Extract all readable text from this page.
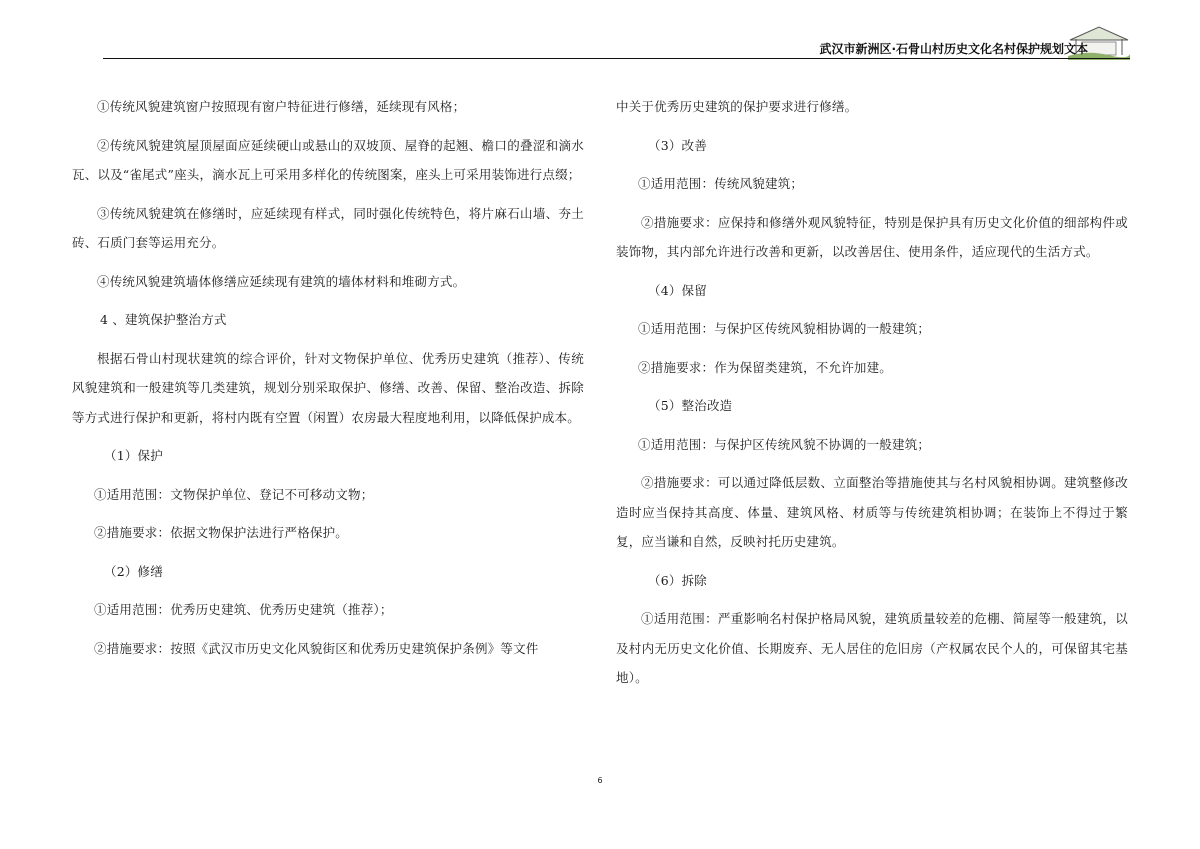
武汉市新洲区·石骨山村历史文化名村保护规划文本

①传统风貌建筑窗户按照现有窗户特征进行修缮，延续现有风格；

②传统风貌建筑屋顶屋面应延续硬山或悬山的双坡顶、屋脊的起翘、檐口的叠涩和滴水瓦、以及“雀尾式”座头，滴水瓦上可采用多样化的传统图案，座头上可采用装饰进行点缀；

③传统风貌建筑在修缮时，应延续现有样式，同时强化传统特色，将片麻石山墙、夯土砖、石质门套等运用充分。

④传统风貌建筑墙体修缮应延续现有建筑的墙体材料和堆砌方式。

4 、建筑保护整治方式

根据石骨山村现状建筑的综合评价，针对文物保护单位、优秀历史建筑（推荐）、传统风貌建筑和一般建筑等几类建筑，规划分别采取保护、修缮、改善、保留、整治改造、拆除等方式进行保护和更新，将村内既有空置（闲置）农房最大程度地利用，以降低保护成本。

（1）保护

①适用范围：文物保护单位、登记不可移动文物；

②措施要求：依据文物保护法进行严格保护。

（2）修缮

①适用范围：优秀历史建筑、优秀历史建筑（推荐）；

②措施要求：按照《武汉市历史文化风貌街区和优秀历史建筑保护条例》等文件

中关于优秀历史建筑的保护要求进行修缮。

（3）改善

①适用范围：传统风貌建筑；

②措施要求：应保持和修缮外观风貌特征，特别是保护具有历史文化价值的细部构件或装饰物，其内部允许进行改善和更新，以改善居住、使用条件，适应现代的生活方式。

（4）保留

①适用范围：与保护区传统风貌相协调的一般建筑；

②措施要求：作为保留类建筑，不允许加建。

（5）整治改造

①适用范围：与保护区传统风貌不协调的一般建筑；

②措施要求：可以通过降低层数、立面整治等措施使其与名村风貌相协调。建筑整修改造时应当保持其高度、体量、建筑风格、材质等与传统建筑相协调；在装饰上不得过于繁复，应当谦和自然，反映衬托历史建筑。

（6）拆除

①适用范围：严重影响名村保护格局风貌，建筑质量较差的危棚、简屋等一般建筑，以及村内无历史文化价值、长期废弃、无人居住的危旧房（产权属农民个人的，可保留其宅基地）。

6
